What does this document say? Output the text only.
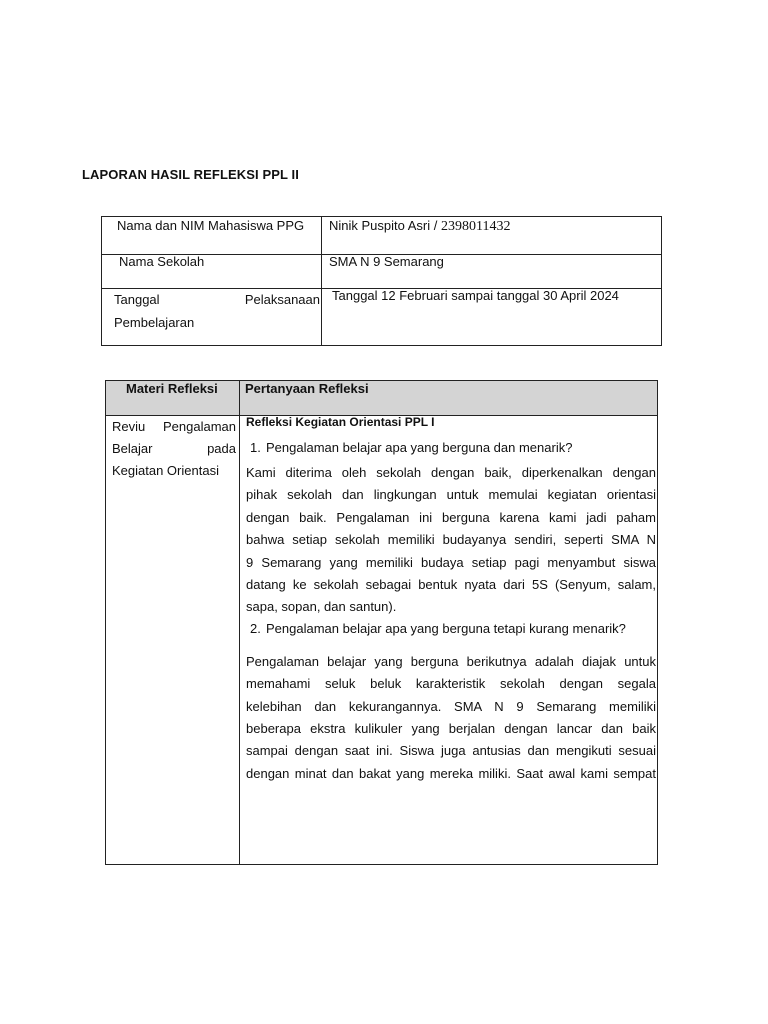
LAPORAN HASIL REFLEKSI PPL II
Nama dan NIM Mahasiswa PPG Ninik Puspito Asri / 2398011432
Nama Sekolah	SMA N 9 Semarang
Tanggal	Pelaksanaan
Pembelajaran
Tanggal 12 Februari sampai tanggal 30 April 2024
Materi Refleksi Pertanyaan Refleksi
Reviu Pengalaman
Belajar pada
Kegiatan Orientasi
Refleksi Kegiatan Orientasi PPL I
1. Pengalaman belajar apa yang berguna dan menarik?
Kami diterima oleh sekolah dengan baik, diperkenalkan dengan
pihak sekolah dan lingkungan untuk memulai kegiatan orientasi
dengan baik. Pengalaman ini berguna karena kami jadi paham
bahwa setiap sekolah memiliki budayanya sendiri, seperti SMA N
9 Semarang yang memiliki budaya setiap pagi menyambut siswa
datang ke sekolah sebagai bentuk nyata dari 5S (Senyum, salam,
sapa, sopan, dan santun).
2. Pengalaman belajar apa yang berguna tetapi kurang menarik?
Pengalaman belajar yang berguna berikutnya adalah diajak untuk
memahami seluk beluk karakteristik sekolah dengan segala
kelebihan dan kekurangannya. SMA N 9 Semarang memiliki
beberapa ekstra kulikuler yang berjalan dengan lancar dan baik
sampai dengan saat ini. Siswa juga antusias dan mengikuti sesuai
dengan minat dan bakat yang mereka miliki. Saat awal kami sempat
